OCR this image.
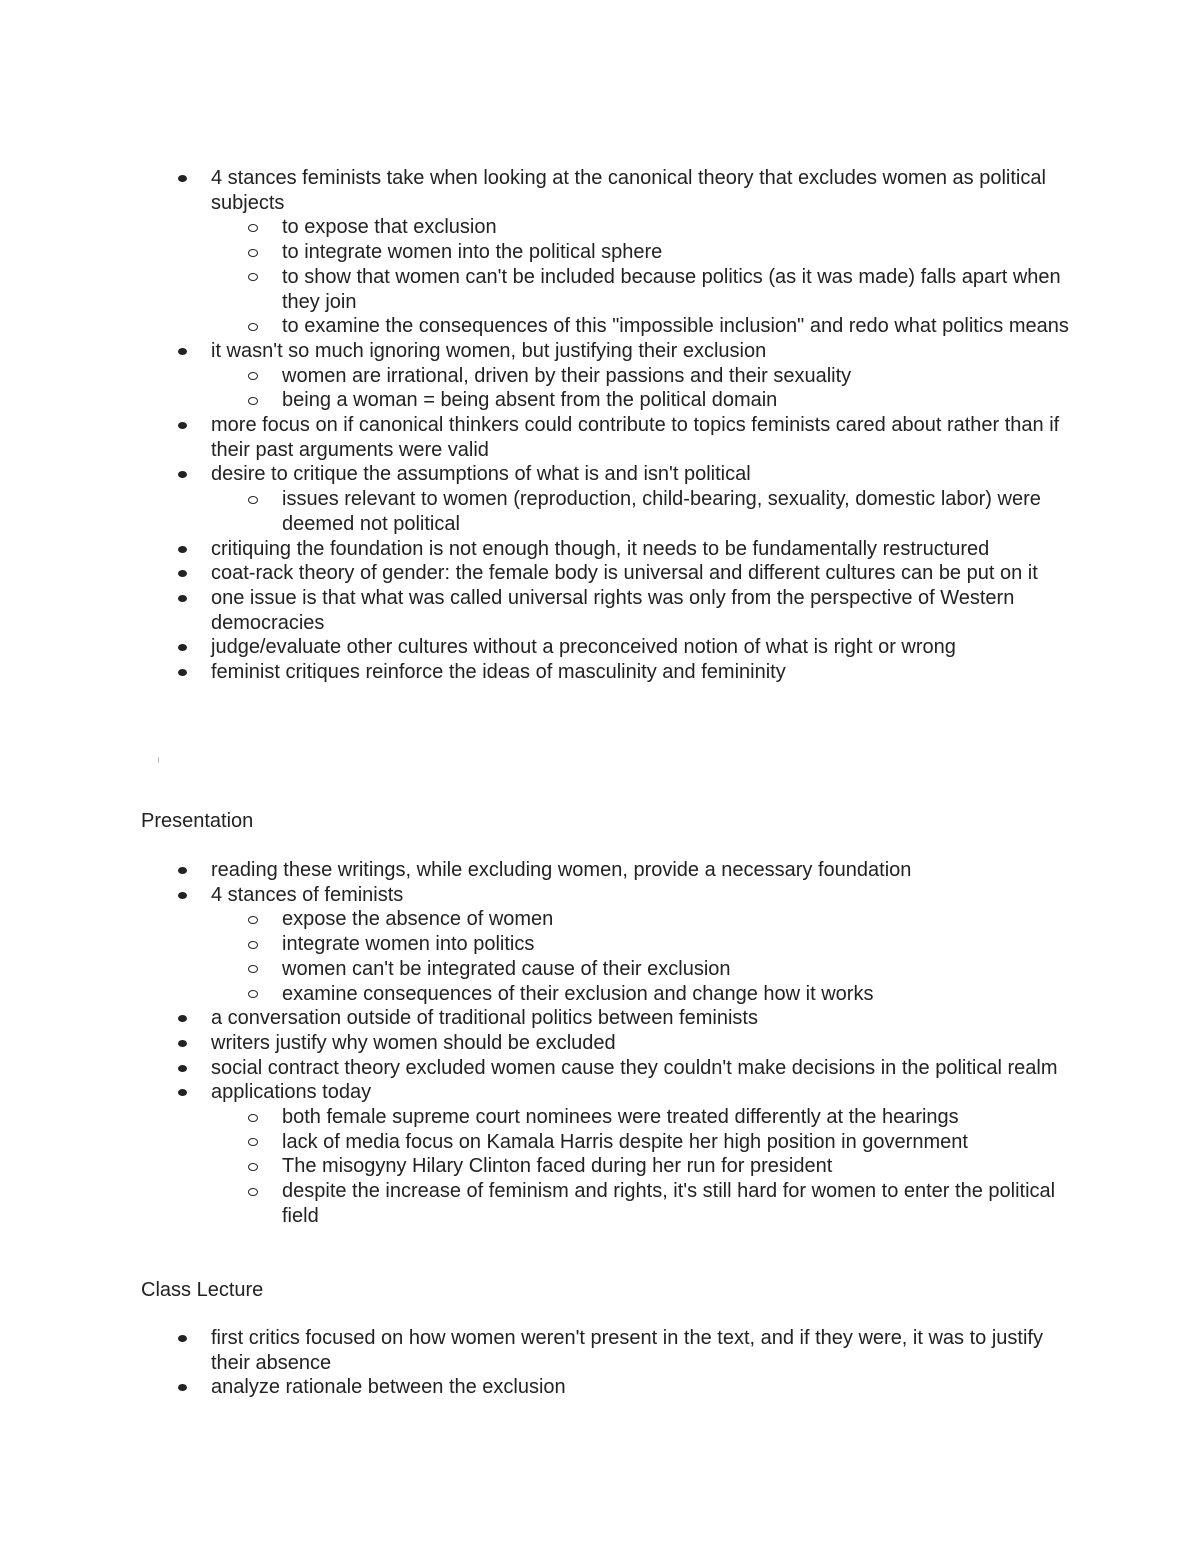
4 stances feminists take when looking at the canonical theory that excludes women as political subjects
to expose that exclusion
to integrate women into the political sphere
to show that women can't be included because politics (as it was made) falls apart when they join
to examine the consequences of this "impossible inclusion" and redo what politics means
it wasn't so much ignoring women, but justifying their exclusion
women are irrational, driven by their passions and their sexuality
being a woman = being absent from the political domain
more focus on if canonical thinkers could contribute to topics feminists cared about rather than if their past arguments were valid
desire to critique the assumptions of what is and isn't political
issues relevant to women (reproduction, child-bearing, sexuality, domestic labor) were deemed not political
critiquing the foundation is not enough though, it needs to be fundamentally restructured
coat-rack theory of gender: the female body is universal and different cultures can be put on it
one issue is that what was called universal rights was only from the perspective of Western democracies
judge/evaluate other cultures without a preconceived notion of what is right or wrong
feminist critiques reinforce the ideas of masculinity and femininity
Presentation
reading these writings, while excluding women, provide a necessary foundation
4 stances of feminists
expose the absence of women
integrate women into politics
women can't be integrated cause of their exclusion
examine consequences of their exclusion and change how it works
a conversation outside of traditional politics between feminists
writers justify why women should be excluded
social contract theory excluded women cause they couldn't make decisions in the political realm
applications today
both female supreme court nominees were treated differently at the hearings
lack of media focus on Kamala Harris despite her high position in government
The misogyny Hilary Clinton faced during her run for president
despite the increase of feminism and rights, it's still hard for women to enter the political field
Class Lecture
first critics focused on how women weren't present in the text, and if they were, it was to justify their absence
analyze rationale between the exclusion
